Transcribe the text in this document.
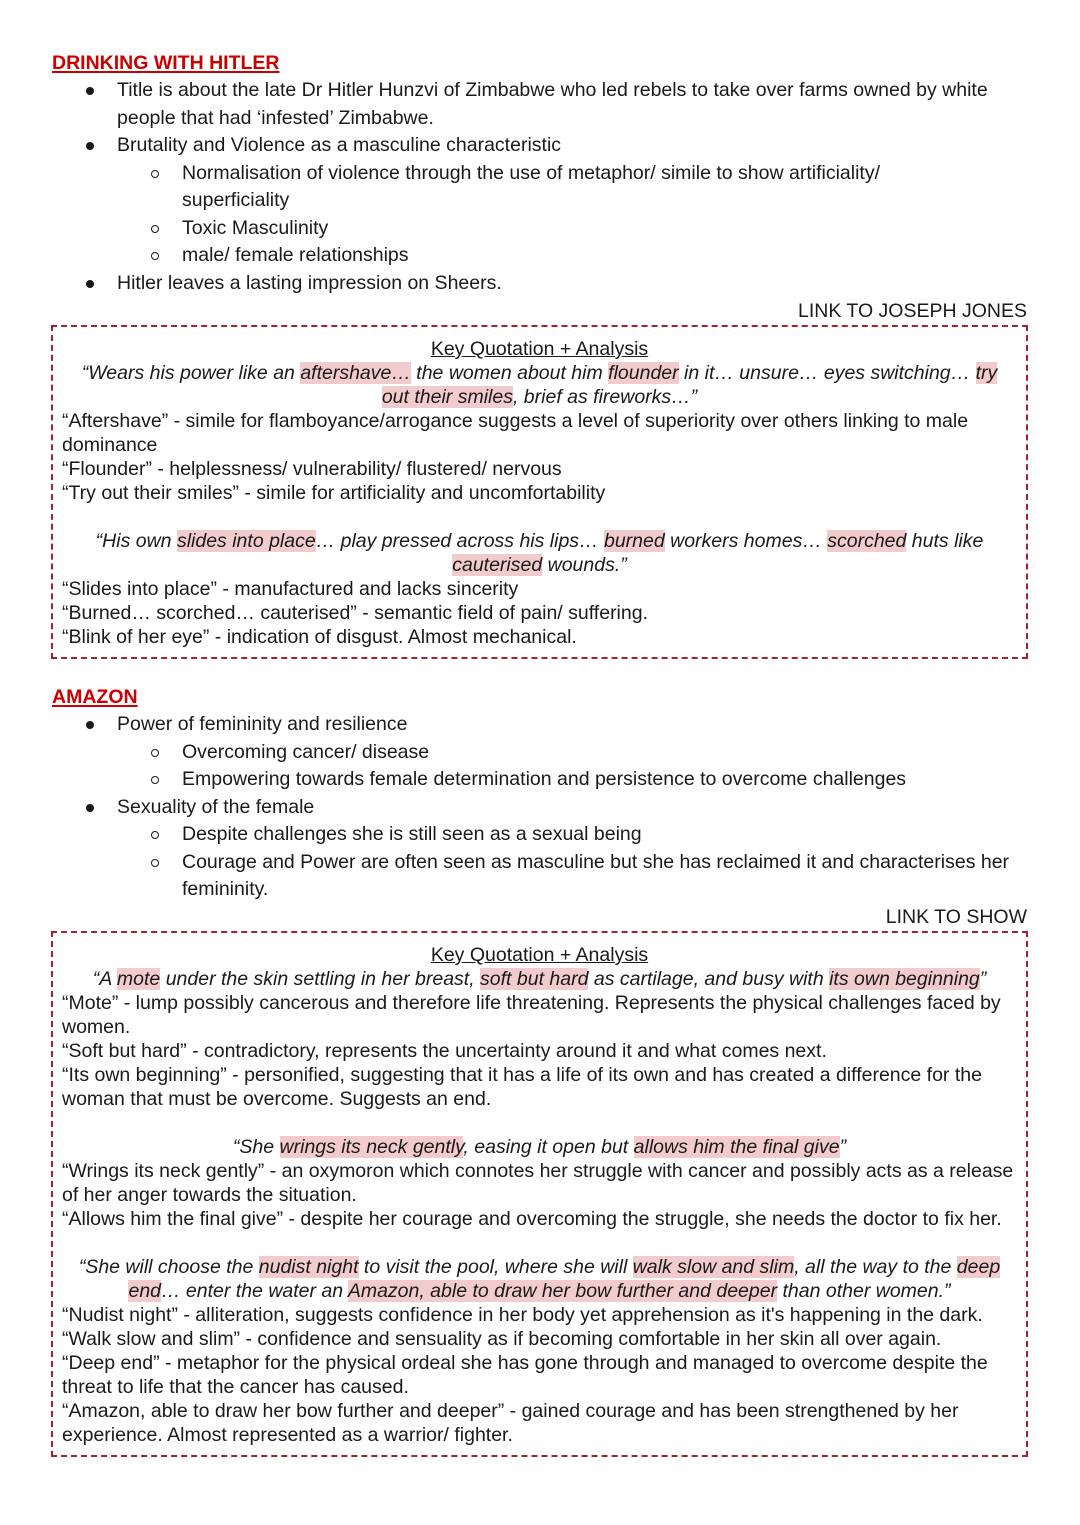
DRINKING WITH HITLER
Title is about the late Dr Hitler Hunzvi of Zimbabwe who led rebels to take over farms owned by white people that had ‘infested’ Zimbabwe.
Brutality and Violence as a masculine characteristic
Normalisation of violence through the use of metaphor/ simile to show artificiality/ superficiality
Toxic Masculinity
male/ female relationships
Hitler leaves a lasting impression on Sheers.
LINK TO JOSEPH JONES
Key Quotation + Analysis
“Wears his power like an aftershave… the women about him flounder in it… unsure… eyes switching… try out their smiles, brief as fireworks…”
“Aftershave” - simile for flamboyance/arrogance suggests a level of superiority over others linking to male dominance
“Flounder” - helplessness/ vulnerability/ flustered/ nervous
“Try out their smiles” - simile for artificiality and uncomfortability
“His own slides into place… play pressed across his lips… burned workers homes… scorched huts like cauterised wounds.”
“Slides into place” - manufactured and lacks sincerity
“Burned… scorched… cauterised” - semantic field of pain/ suffering.
“Blink of her eye” - indication of disgust. Almost mechanical.
AMAZON
Power of femininity and resilience
Overcoming cancer/ disease
Empowering towards female determination and persistence to overcome challenges
Sexuality of the female
Despite challenges she is still seen as a sexual being
Courage and Power are often seen as masculine but she has reclaimed it and characterises her femininity.
LINK TO SHOW
Key Quotation + Analysis
“A mote under the skin settling in her breast, soft but hard as cartilage, and busy with its own beginning”
“Mote” - lump possibly cancerous and therefore life threatening. Represents the physical challenges faced by women.
“Soft but hard” - contradictory, represents the uncertainty around it and what comes next.
“Its own beginning” - personified, suggesting that it has a life of its own and has created a difference for the woman that must be overcome. Suggests an end.
“She wrings its neck gently, easing it open but allows him the final give”
“Wrings its neck gently” - an oxymoron which connotes her struggle with cancer and possibly acts as a release of her anger towards the situation.
“Allows him the final give” - despite her courage and overcoming the struggle, she needs the doctor to fix her.
“She will choose the nudist night to visit the pool, where she will walk slow and slim, all the way to the deep end… enter the water an Amazon, able to draw her bow further and deeper than other women.”
“Nudist night” - alliteration, suggests confidence in her body yet apprehension as it's happening in the dark.
“Walk slow and slim” - confidence and sensuality as if becoming comfortable in her skin all over again.
“Deep end” - metaphor for the physical ordeal she has gone through and managed to overcome despite the threat to life that the cancer has caused.
“Amazon, able to draw her bow further and deeper” - gained courage and has been strengthened by her experience. Almost represented as a warrior/ fighter.
